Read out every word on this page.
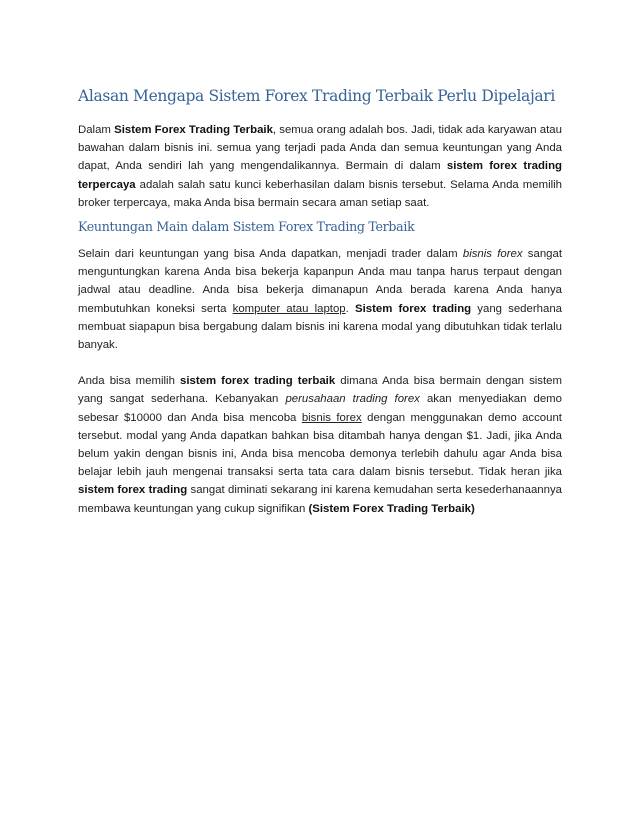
Alasan Mengapa Sistem Forex Trading Terbaik Perlu Dipelajari

Dalam Sistem Forex Trading Terbaik, semua orang adalah bos. Jadi, tidak ada karyawan atau bawahan dalam bisnis ini. semua yang terjadi pada Anda dan semua keuntungan yang Anda dapat, Anda sendiri lah yang mengendalikannya. Bermain di dalam sistem forex trading terpercaya adalah salah satu kunci keberhasilan dalam bisnis tersebut. Selama Anda memilih broker terpercaya, maka Anda bisa bermain secara aman setiap saat.

Keuntungan Main dalam Sistem Forex Trading Terbaik

Selain dari keuntungan yang bisa Anda dapatkan, menjadi trader dalam bisnis forex sangat menguntungkan karena Anda bisa bekerja kapanpun Anda mau tanpa harus terpaut dengan jadwal atau deadline. Anda bisa bekerja dimanapun Anda berada karena Anda hanya membutuhkan koneksi serta komputer atau laptop. Sistem forex trading yang sederhana membuat siapapun bisa bergabung dalam bisnis ini karena modal yang dibutuhkan tidak terlalu banyak.

Anda bisa memilih sistem forex trading terbaik dimana Anda bisa bermain dengan sistem yang sangat sederhana. Kebanyakan perusahaan trading forex akan menyediakan demo sebesar $10000 dan Anda bisa mencoba bisnis forex dengan menggunakan demo account tersebut. modal yang Anda dapatkan bahkan bisa ditambah hanya dengan $1. Jadi, jika Anda belum yakin dengan bisnis ini, Anda bisa mencoba demonya terlebih dahulu agar Anda bisa belajar lebih jauh mengenai transaksi serta tata cara dalam bisnis tersebut. Tidak heran jika sistem forex trading sangat diminati sekarang ini karena kemudahan serta kesederhanaannya membawa keuntungan yang cukup signifikan (Sistem Forex Trading Terbaik)
